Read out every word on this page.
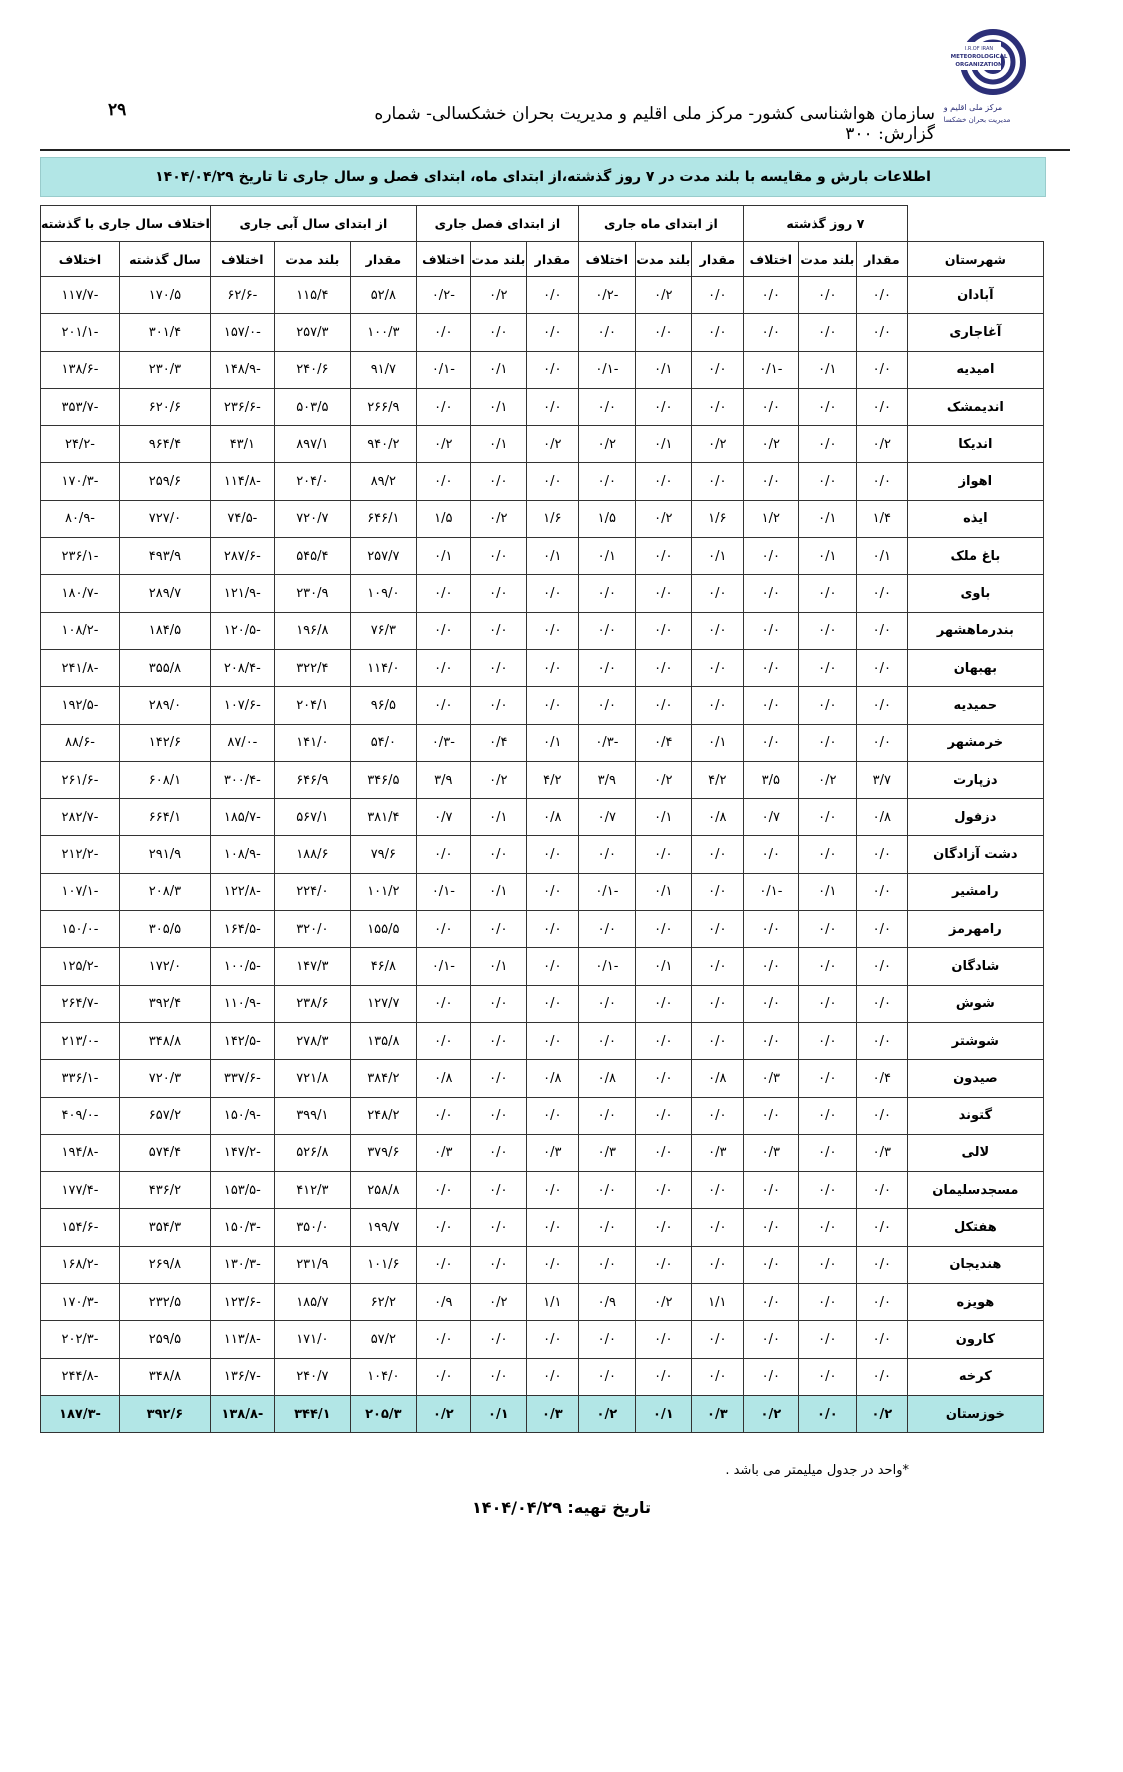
I.R.OF IRAN
METEOROLOGICAL
ORGANIZATION
مرکز ملی اقلیم و
مدیریت بحران خشکسالی
۲۹	سازمان هواشناسی کشور- مرکز ملی اقلیم و مدیریت بحران خشکسالی- شماره گزارش: ۳۰۰
اطلاعات بارش و مقایسه با بلند مدت در ۷ روز گذشته،از ابتدای ماه، ابتدای فصل و سال جاری تا تاریخ ۱۴۰۴/۰۴/۲۹
	۷ روز گذشته			از ابتدای ماه جاری			از ابتدای فصل جاری			از ابتدای سال آبی جاری			اختلاف سال جاری با گذشته	
شهرستان	مقدار	بلند مدت	اختلاف	مقدار	بلند مدت	اختلاف	مقدار	بلند مدت	اختلاف	مقدار	بلند مدت	اختلاف	سال گذشته	اختلاف
آبادان	۰/۰	۰/۰	۰/۰	۰/۰	۰/۲	-۰/۲	۰/۰	۰/۲	-۰/۲	۵۲/۸	۱۱۵/۴	-۶۲/۶	۱۷۰/۵	-۱۱۷/۷
آغاجاری	۰/۰	۰/۰	۰/۰	۰/۰	۰/۰	۰/۰	۰/۰	۰/۰	۰/۰	۱۰۰/۳	۲۵۷/۳	-۱۵۷/۰	۳۰۱/۴	-۲۰۱/۱
امیدیه	۰/۰	۰/۱	-۰/۱	۰/۰	۰/۱	-۰/۱	۰/۰	۰/۱	-۰/۱	۹۱/۷	۲۴۰/۶	-۱۴۸/۹	۲۳۰/۳	-۱۳۸/۶
اندیمشک	۰/۰	۰/۰	۰/۰	۰/۰	۰/۰	۰/۰	۰/۰	۰/۱	۰/۰	۲۶۶/۹	۵۰۳/۵	-۲۳۶/۶	۶۲۰/۶	-۳۵۳/۷
اندیکا	۰/۲	۰/۰	۰/۲	۰/۲	۰/۱	۰/۲	۰/۲	۰/۱	۰/۲	۹۴۰/۲	۸۹۷/۱	۴۳/۱	۹۶۴/۴	-۲۴/۲
اهواز	۰/۰	۰/۰	۰/۰	۰/۰	۰/۰	۰/۰	۰/۰	۰/۰	۰/۰	۸۹/۲	۲۰۴/۰	-۱۱۴/۸	۲۵۹/۶	-۱۷۰/۳
ایذه	۱/۴	۰/۱	۱/۲	۱/۶	۰/۲	۱/۵	۱/۶	۰/۲	۱/۵	۶۴۶/۱	۷۲۰/۷	-۷۴/۵	۷۲۷/۰	-۸۰/۹
باغ ملک	۰/۱	۰/۱	۰/۰	۰/۱	۰/۰	۰/۱	۰/۱	۰/۰	۰/۱	۲۵۷/۷	۵۴۵/۴	-۲۸۷/۶	۴۹۳/۹	-۲۳۶/۱
باوی	۰/۰	۰/۰	۰/۰	۰/۰	۰/۰	۰/۰	۰/۰	۰/۰	۰/۰	۱۰۹/۰	۲۳۰/۹	-۱۲۱/۹	۲۸۹/۷	-۱۸۰/۷
بندرماهشهر	۰/۰	۰/۰	۰/۰	۰/۰	۰/۰	۰/۰	۰/۰	۰/۰	۰/۰	۷۶/۳	۱۹۶/۸	-۱۲۰/۵	۱۸۴/۵	-۱۰۸/۲
بهبهان	۰/۰	۰/۰	۰/۰	۰/۰	۰/۰	۰/۰	۰/۰	۰/۰	۰/۰	۱۱۴/۰	۳۲۲/۴	-۲۰۸/۴	۳۵۵/۸	-۲۴۱/۸
حمیدیه	۰/۰	۰/۰	۰/۰	۰/۰	۰/۰	۰/۰	۰/۰	۰/۰	۰/۰	۹۶/۵	۲۰۴/۱	-۱۰۷/۶	۲۸۹/۰	-۱۹۲/۵
خرمشهر	۰/۰	۰/۰	۰/۰	۰/۱	۰/۴	-۰/۳	۰/۱	۰/۴	-۰/۳	۵۴/۰	۱۴۱/۰	-۸۷/۰	۱۴۲/۶	-۸۸/۶
دزپارت	۳/۷	۰/۲	۳/۵	۴/۲	۰/۲	۳/۹	۴/۲	۰/۲	۳/۹	۳۴۶/۵	۶۴۶/۹	-۳۰۰/۴	۶۰۸/۱	-۲۶۱/۶
دزفول	۰/۸	۰/۰	۰/۷	۰/۸	۰/۱	۰/۷	۰/۸	۰/۱	۰/۷	۳۸۱/۴	۵۶۷/۱	-۱۸۵/۷	۶۶۴/۱	-۲۸۲/۷
دشت آزادگان	۰/۰	۰/۰	۰/۰	۰/۰	۰/۰	۰/۰	۰/۰	۰/۰	۰/۰	۷۹/۶	۱۸۸/۶	-۱۰۸/۹	۲۹۱/۹	-۲۱۲/۲
رامشیر	۰/۰	۰/۱	-۰/۱	۰/۰	۰/۱	-۰/۱	۰/۰	۰/۱	-۰/۱	۱۰۱/۲	۲۲۴/۰	-۱۲۲/۸	۲۰۸/۳	-۱۰۷/۱
رامهرمز	۰/۰	۰/۰	۰/۰	۰/۰	۰/۰	۰/۰	۰/۰	۰/۰	۰/۰	۱۵۵/۵	۳۲۰/۰	-۱۶۴/۵	۳۰۵/۵	-۱۵۰/۰
شادگان	۰/۰	۰/۰	۰/۰	۰/۰	۰/۱	-۰/۱	۰/۰	۰/۱	-۰/۱	۴۶/۸	۱۴۷/۳	-۱۰۰/۵	۱۷۲/۰	-۱۲۵/۲
شوش	۰/۰	۰/۰	۰/۰	۰/۰	۰/۰	۰/۰	۰/۰	۰/۰	۰/۰	۱۲۷/۷	۲۳۸/۶	-۱۱۰/۹	۳۹۲/۴	-۲۶۴/۷
شوشتر	۰/۰	۰/۰	۰/۰	۰/۰	۰/۰	۰/۰	۰/۰	۰/۰	۰/۰	۱۳۵/۸	۲۷۸/۳	-۱۴۲/۵	۳۴۸/۸	-۲۱۳/۰
صیدون	۰/۴	۰/۰	۰/۳	۰/۸	۰/۰	۰/۸	۰/۸	۰/۰	۰/۸	۳۸۴/۲	۷۲۱/۸	-۳۳۷/۶	۷۲۰/۳	-۳۳۶/۱
گتوند	۰/۰	۰/۰	۰/۰	۰/۰	۰/۰	۰/۰	۰/۰	۰/۰	۰/۰	۲۴۸/۲	۳۹۹/۱	-۱۵۰/۹	۶۵۷/۲	-۴۰۹/۰
لالی	۰/۳	۰/۰	۰/۳	۰/۳	۰/۰	۰/۳	۰/۳	۰/۰	۰/۳	۳۷۹/۶	۵۲۶/۸	-۱۴۷/۲	۵۷۴/۴	-۱۹۴/۸
مسجدسلیمان	۰/۰	۰/۰	۰/۰	۰/۰	۰/۰	۰/۰	۰/۰	۰/۰	۰/۰	۲۵۸/۸	۴۱۲/۳	-۱۵۳/۵	۴۳۶/۲	-۱۷۷/۴
هفتکل	۰/۰	۰/۰	۰/۰	۰/۰	۰/۰	۰/۰	۰/۰	۰/۰	۰/۰	۱۹۹/۷	۳۵۰/۰	-۱۵۰/۳	۳۵۴/۳	-۱۵۴/۶
هندیجان	۰/۰	۰/۰	۰/۰	۰/۰	۰/۰	۰/۰	۰/۰	۰/۰	۰/۰	۱۰۱/۶	۲۳۱/۹	-۱۳۰/۳	۲۶۹/۸	-۱۶۸/۲
هویزه	۰/۰	۰/۰	۰/۰	۱/۱	۰/۲	۰/۹	۱/۱	۰/۲	۰/۹	۶۲/۲	۱۸۵/۷	-۱۲۳/۶	۲۳۲/۵	-۱۷۰/۳
کارون	۰/۰	۰/۰	۰/۰	۰/۰	۰/۰	۰/۰	۰/۰	۰/۰	۰/۰	۵۷/۲	۱۷۱/۰	-۱۱۳/۸	۲۵۹/۵	-۲۰۲/۳
کرخه	۰/۰	۰/۰	۰/۰	۰/۰	۰/۰	۰/۰	۰/۰	۰/۰	۰/۰	۱۰۴/۰	۲۴۰/۷	-۱۳۶/۷	۳۴۸/۸	-۲۴۴/۸
خوزستان	۰/۲	۰/۰	۰/۲	۰/۳	۰/۱	۰/۲	۰/۳	۰/۱	۰/۲	۲۰۵/۳	۳۴۴/۱	-۱۳۸/۸	۳۹۲/۶	-۱۸۷/۳
*واحد در جدول میلیمتر می باشد .
تاریخ تهیه: ۱۴۰۴/۰۴/۲۹
